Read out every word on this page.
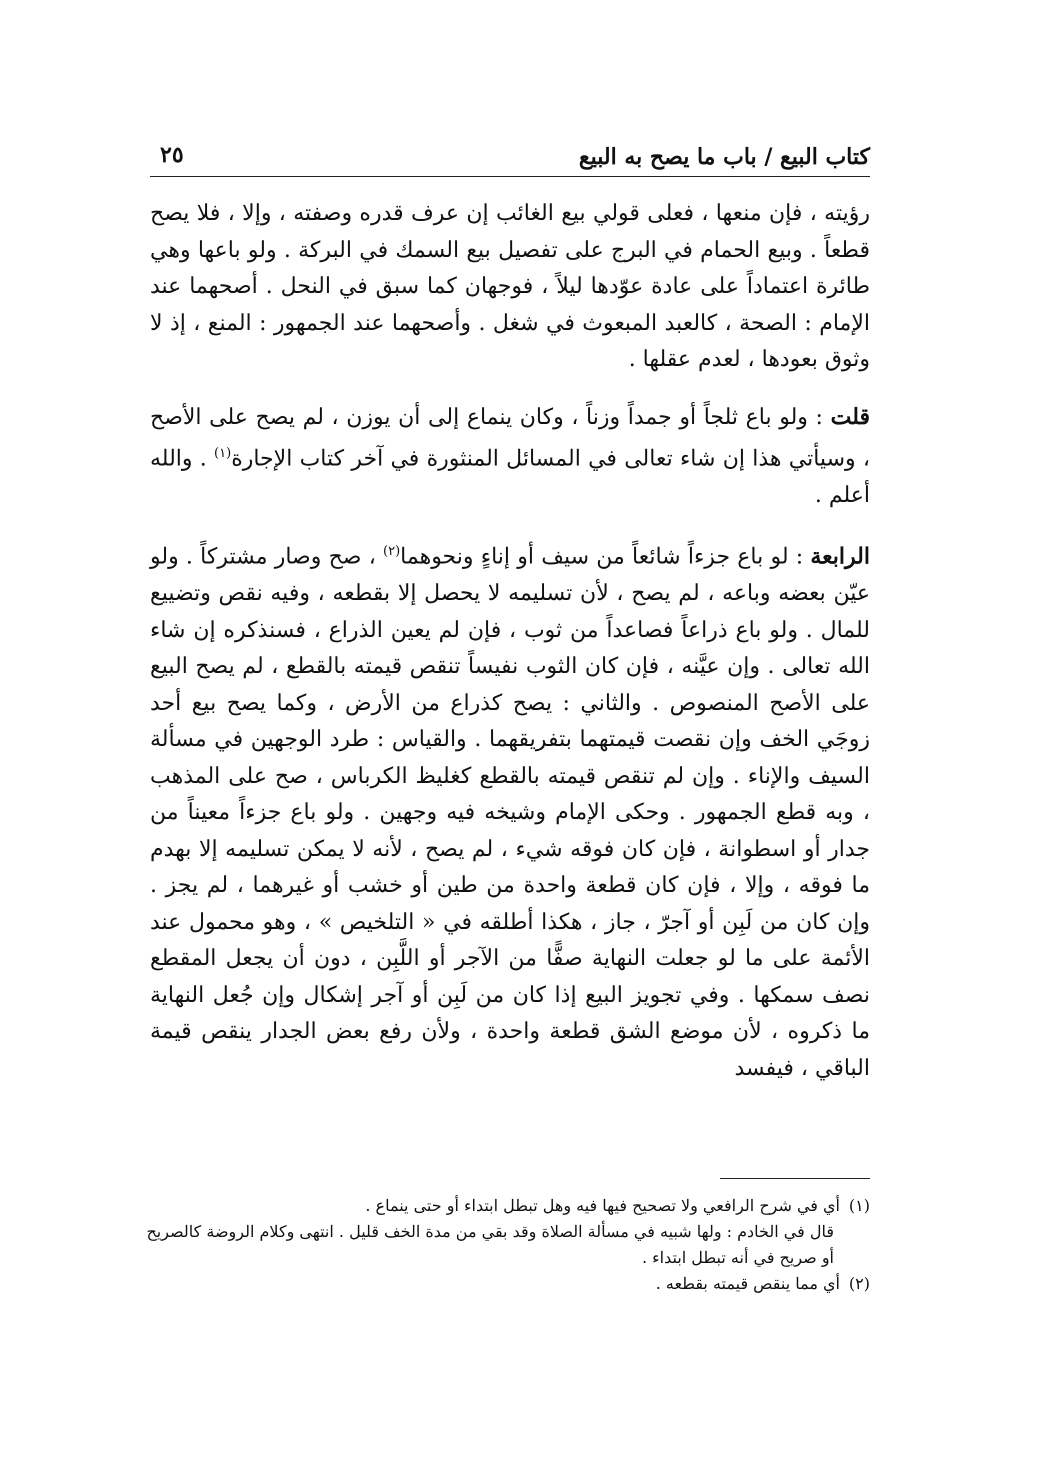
كتاب البيع / باب ما يصح به البيع
٢٥

رؤيته ، فإن منعها ، فعلى قولي بيع الغائب إن عرف قدره وصفته ، وإلا ، فلا يصح قطعاً . وبيع الحمام في البرج على تفصيل بيع السمك في البركة . ولو باعها وهي طائرة اعتماداً على عادة عوّدها ليلاً ، فوجهان كما سبق في النحل . أصحهما عند الإمام : الصحة ، كالعبد المبعوث في شغل . وأصحهما عند الجمهور : المنع ، إذ لا وثوق بعودها ، لعدم عقلها .

قلت : ولو باع ثلجاً أو جمداً وزناً ، وكان ينماع إلى أن يوزن ، لم يصح على الأصح ، وسيأتي هذا إن شاء تعالى في المسائل المنثورة في آخر كتاب الإجارة$^{(١)}$ . والله أعلم .

الرابعة : لو باع جزءاً شائعاً من سيف أو إناءٍ ونحوهما$^{(٢)}$ ، صح وصار مشتركاً . ولو عيّن بعضه وباعه ، لم يصح ، لأن تسليمه لا يحصل إلا بقطعه ، وفيه نقص وتضييع للمال . ولو باع ذراعاً فصاعداً من ثوب ، فإن لم يعين الذراع ، فسنذكره إن شاء الله تعالى . وإن عيَّنه ، فإن كان الثوب نفيساً تنقص قيمته بالقطع ، لم يصح البيع على الأصح المنصوص . والثاني : يصح كذراع من الأرض ، وكما يصح بيع أحد زوجَي الخف وإن نقصت قيمتهما بتفريقهما . والقياس : طرد الوجهين في مسألة السيف والإناء . وإن لم تنقص قيمته بالقطع كغليظ الكرباس ، صح على المذهب ، وبه قطع الجمهور . وحكى الإمام وشيخه فيه وجهين . ولو باع جزءاً معيناً من جدار أو اسطوانة ، فإن كان فوقه شيء ، لم يصح ، لأنه لا يمكن تسليمه إلا بهدم ما فوقه ، وإلا ، فإن كان قطعة واحدة من طين أو خشب أو غيرهما ، لم يجز . وإن كان من لَبِن أو آجرّ ، جاز ، هكذا أطلقه في « التلخيص » ، وهو محمول عند الأئمة على ما لو جعلت النهاية صفًّا من الآجر أو اللَّبِن ، دون أن يجعل المقطع نصف سمكها . وفي تجويز البيع إذا كان من لَبِن أو آجر إشكال وإن جُعل النهاية ما ذكروه ، لأن موضع الشق قطعة واحدة ، ولأن رفع بعض الجدار ينقص قيمة الباقي ، فيفسد

(١)أي في شرح الرافعي ولا تصحيح فيها فيه وهل تبطل ابتداء أو حتى ينماع .

قال في الخادم : ولها شبيه في مسألة الصلاة وقد بقي من مدة الخف قليل . انتهى وكلام الروضة كالصريح أو صريح في أنه تبطل ابتداء .

(٢)أي مما ينقص قيمته بقطعه .
